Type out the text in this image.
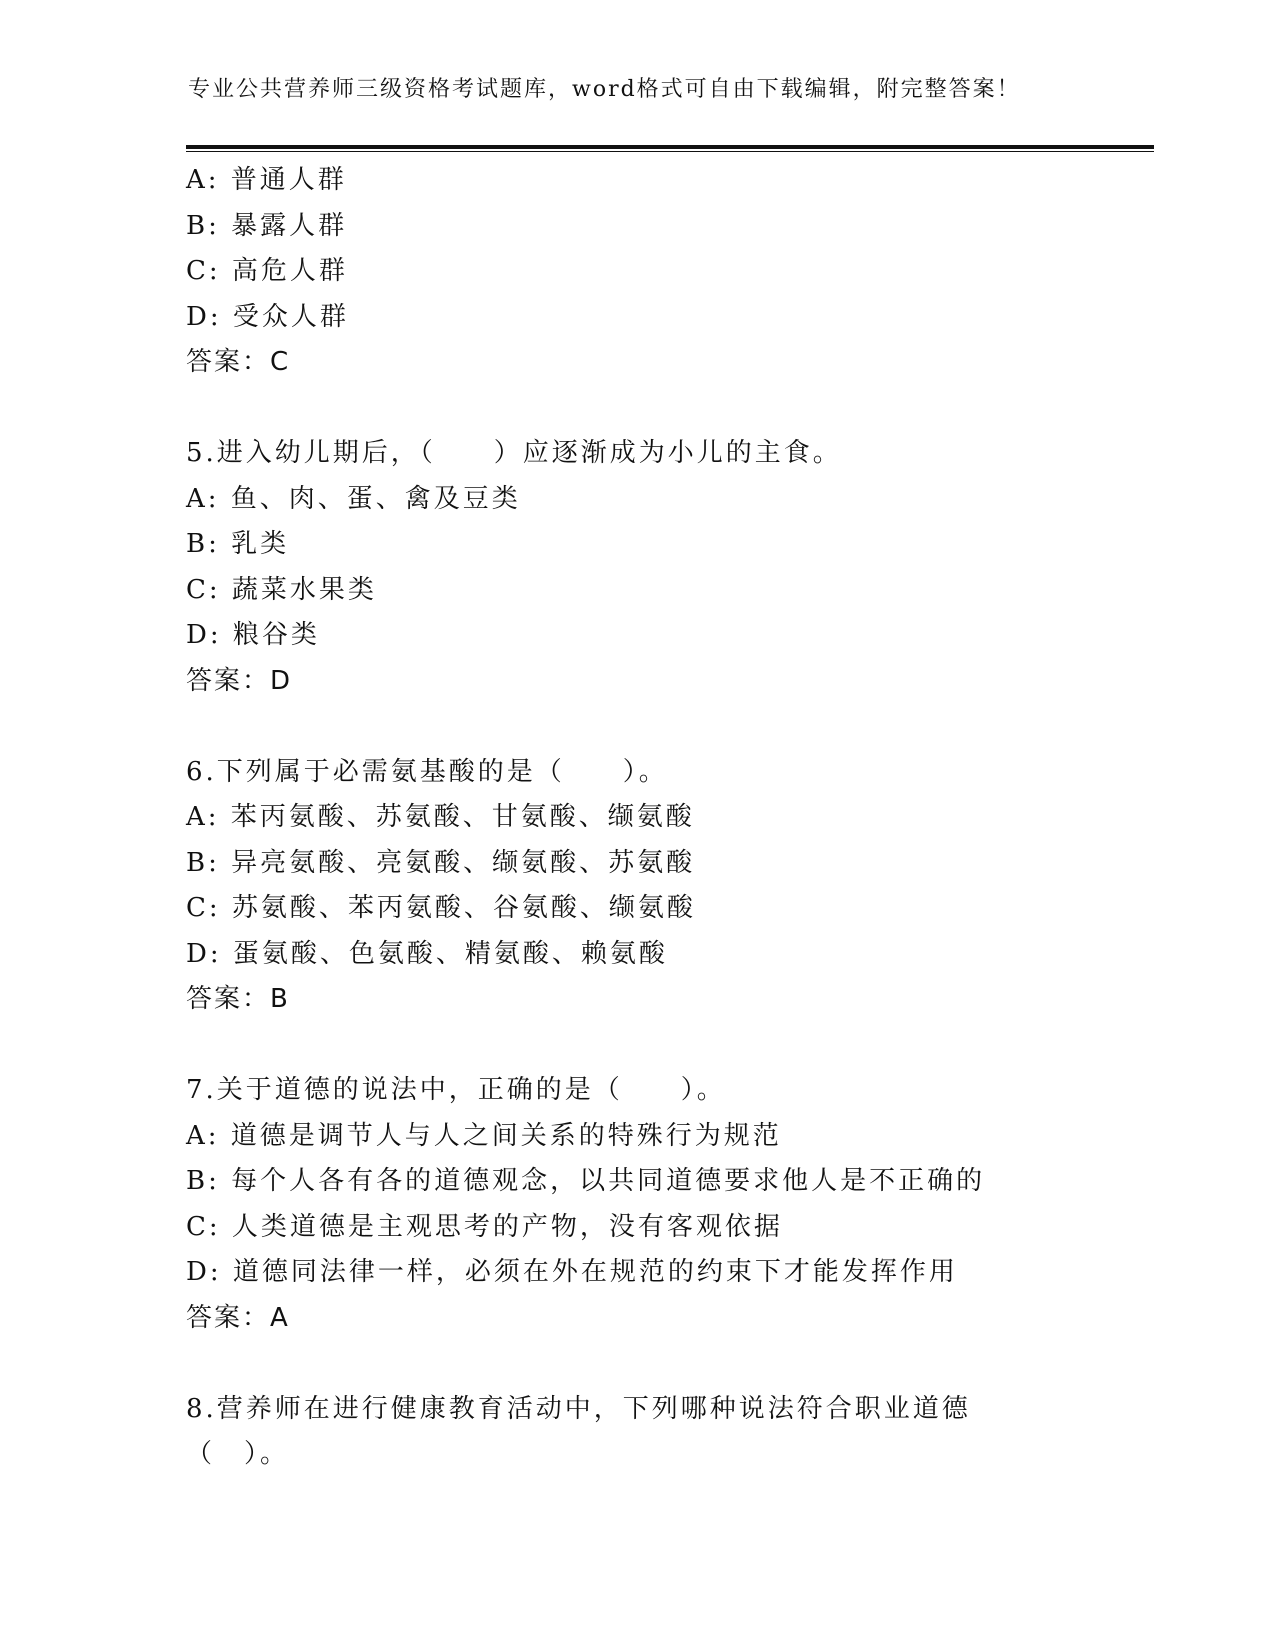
专业公共营养师三级资格考试题库，word格式可自由下载编辑，附完整答案！
A: 普通人群
B: 暴露人群
C: 高危人群
D: 受众人群
答案：C
5.进入幼儿期后，（　　）应逐渐成为小儿的主食。
A: 鱼、肉、蛋、禽及豆类
B: 乳类
C: 蔬菜水果类
D: 粮谷类
答案：D
6.下列属于必需氨基酸的是（　　）。
A: 苯丙氨酸、苏氨酸、甘氨酸、缬氨酸
B: 异亮氨酸、亮氨酸、缬氨酸、苏氨酸
C: 苏氨酸、苯丙氨酸、谷氨酸、缬氨酸
D: 蛋氨酸、色氨酸、精氨酸、赖氨酸
答案：B
7.关于道德的说法中，正确的是（　　）。
A: 道德是调节人与人之间关系的特殊行为规范
B: 每个人各有各的道德观念，以共同道德要求他人是不正确的
C: 人类道德是主观思考的产物，没有客观依据
D: 道德同法律一样，必须在外在规范的约束下才能发挥作用
答案：A
8.营养师在进行健康教育活动中，下列哪种说法符合职业道德（　）。
